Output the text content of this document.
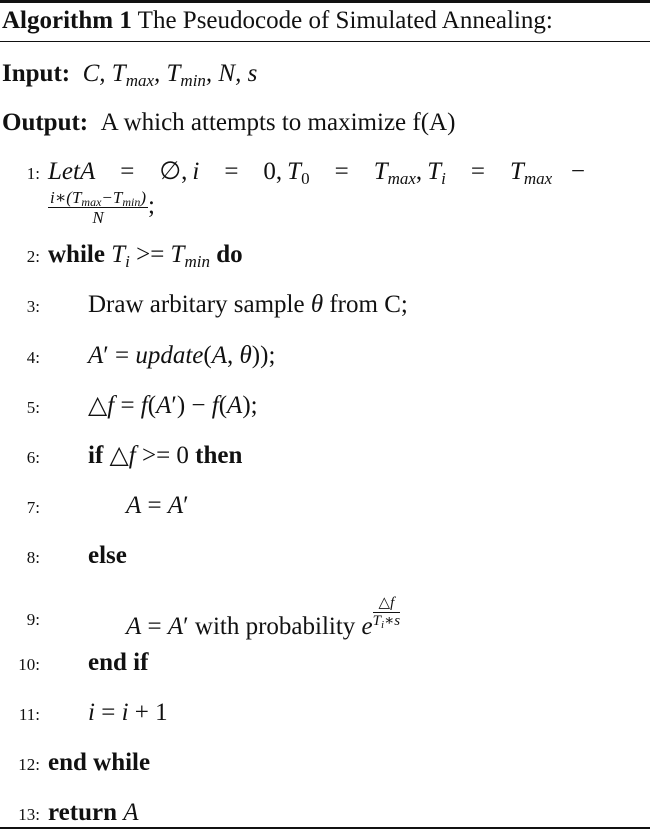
Algorithm 1 The Pseudocode of Simulated Annealing:
Input: C, $T_{max}$, $T_{min}$, N, s
Output: A which attempts to maximize f(A)
1: LetA    =    ∅, i    =    0, $T_0$    =    $T_{max}$, $T_i$    =    $T_{max}$   −
$\frac{i∗(T_{max}-T_{min})}{N}$ ;
2: while $T_i >= T_{min}$ do
3: Draw arbitary sample θ from C;
4: A′ = update(A, θ));
5: △f = f(A′) − f(A);
6: if △f >= 0 then
7:	A = A′
8: else
9:	A = A′ with probability e $\frac{\triangle f}{T_i∗s}$
10: end if
11: i = i + 1
12: end while
13: return A
